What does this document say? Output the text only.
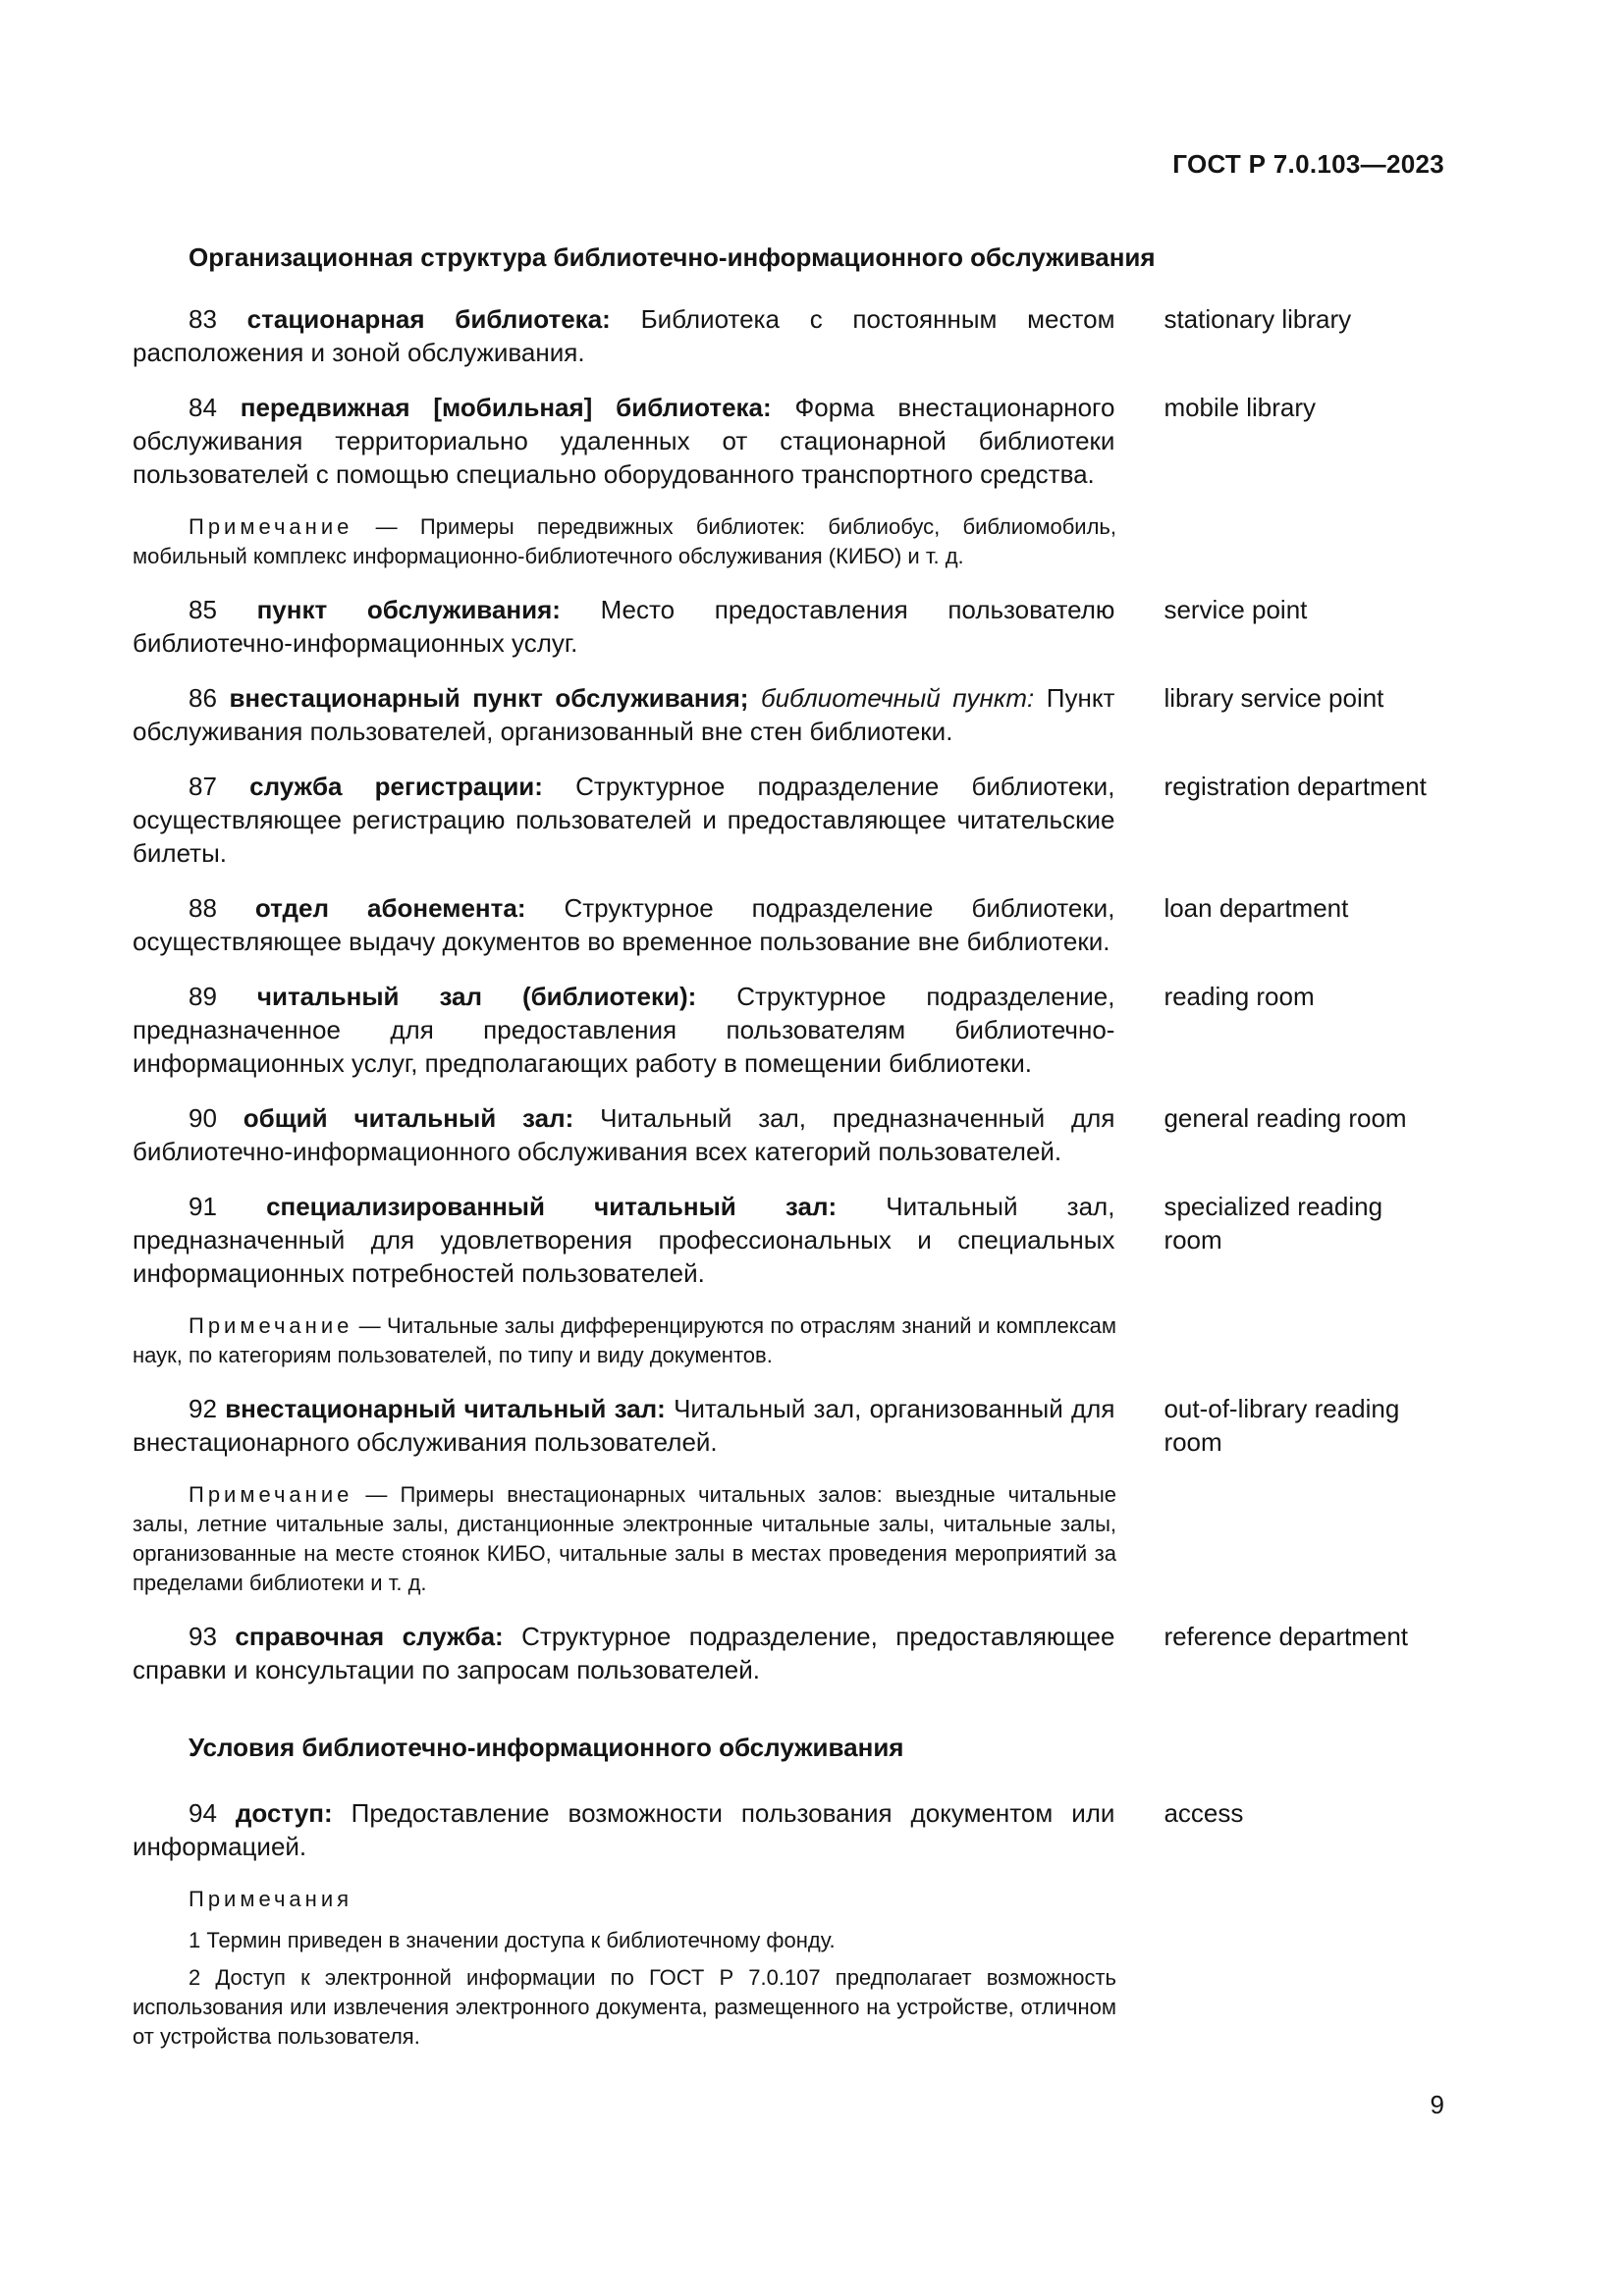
ГОСТ Р 7.0.103—2023
Организационная структура библиотечно-информационного обслуживания
83 стационарная библиотека: Библиотека с постоянным местом расположения и зоной обслуживания.
stationary library
84 передвижная [мобильная] библиотека: Форма внестационарного обслуживания территориально удаленных от стационарной библиотеки пользователей с помощью специально оборудованного транспортного средства.
mobile library
Примечание — Примеры передвижных библиотек: библиобус, библиомобиль, мобильный комплекс информационно-библиотечного обслуживания (КИБО) и т. д.
85 пункт обслуживания: Место предоставления пользователю библиотечно-информационных услуг.
service point
86 внестационарный пункт обслуживания; библиотечный пункт: Пункт обслуживания пользователей, организованный вне стен библиотеки.
library service point
87 служба регистрации: Структурное подразделение библиотеки, осуществляющее регистрацию пользователей и предоставляющее читательские билеты.
registration department
88 отдел абонемента: Структурное подразделение библиотеки, осуществляющее выдачу документов во временное пользование вне библиотеки.
loan department
89 читальный зал (библиотеки): Структурное подразделение, предназначенное для предоставления пользователям библиотечно-информационных услуг, предполагающих работу в помещении библиотеки.
reading room
90 общий читальный зал: Читальный зал, предназначенный для библиотечно-информационного обслуживания всех категорий пользователей.
general reading room
91 специализированный читальный зал: Читальный зал, предназначенный для удовлетворения профессиональных и специальных информационных потребностей пользователей.
specialized reading room
Примечание — Читальные залы дифференцируются по отраслям знаний и комплексам наук, по категориям пользователей, по типу и виду документов.
92 внестационарный читальный зал: Читальный зал, организованный для внестационарного обслуживания пользователей.
out-of-library reading room
Примечание — Примеры внестационарных читальных залов: выездные читальные залы, летние читальные залы, дистанционные электронные читальные залы, читальные залы, организованные на месте стоянок КИБО, читальные залы в местах проведения мероприятий за пределами библиотеки и т. д.
93 справочная служба: Структурное подразделение, предоставляющее справки и консультации по запросам пользователей.
reference department
Условия библиотечно-информационного обслуживания
94 доступ: Предоставление возможности пользования документом или информацией.
access
Примечания
1 Термин приведен в значении доступа к библиотечному фонду.
2 Доступ к электронной информации по ГОСТ Р 7.0.107 предполагает возможность использования или извлечения электронного документа, размещенного на устройстве, отличном от устройства пользователя.
9
